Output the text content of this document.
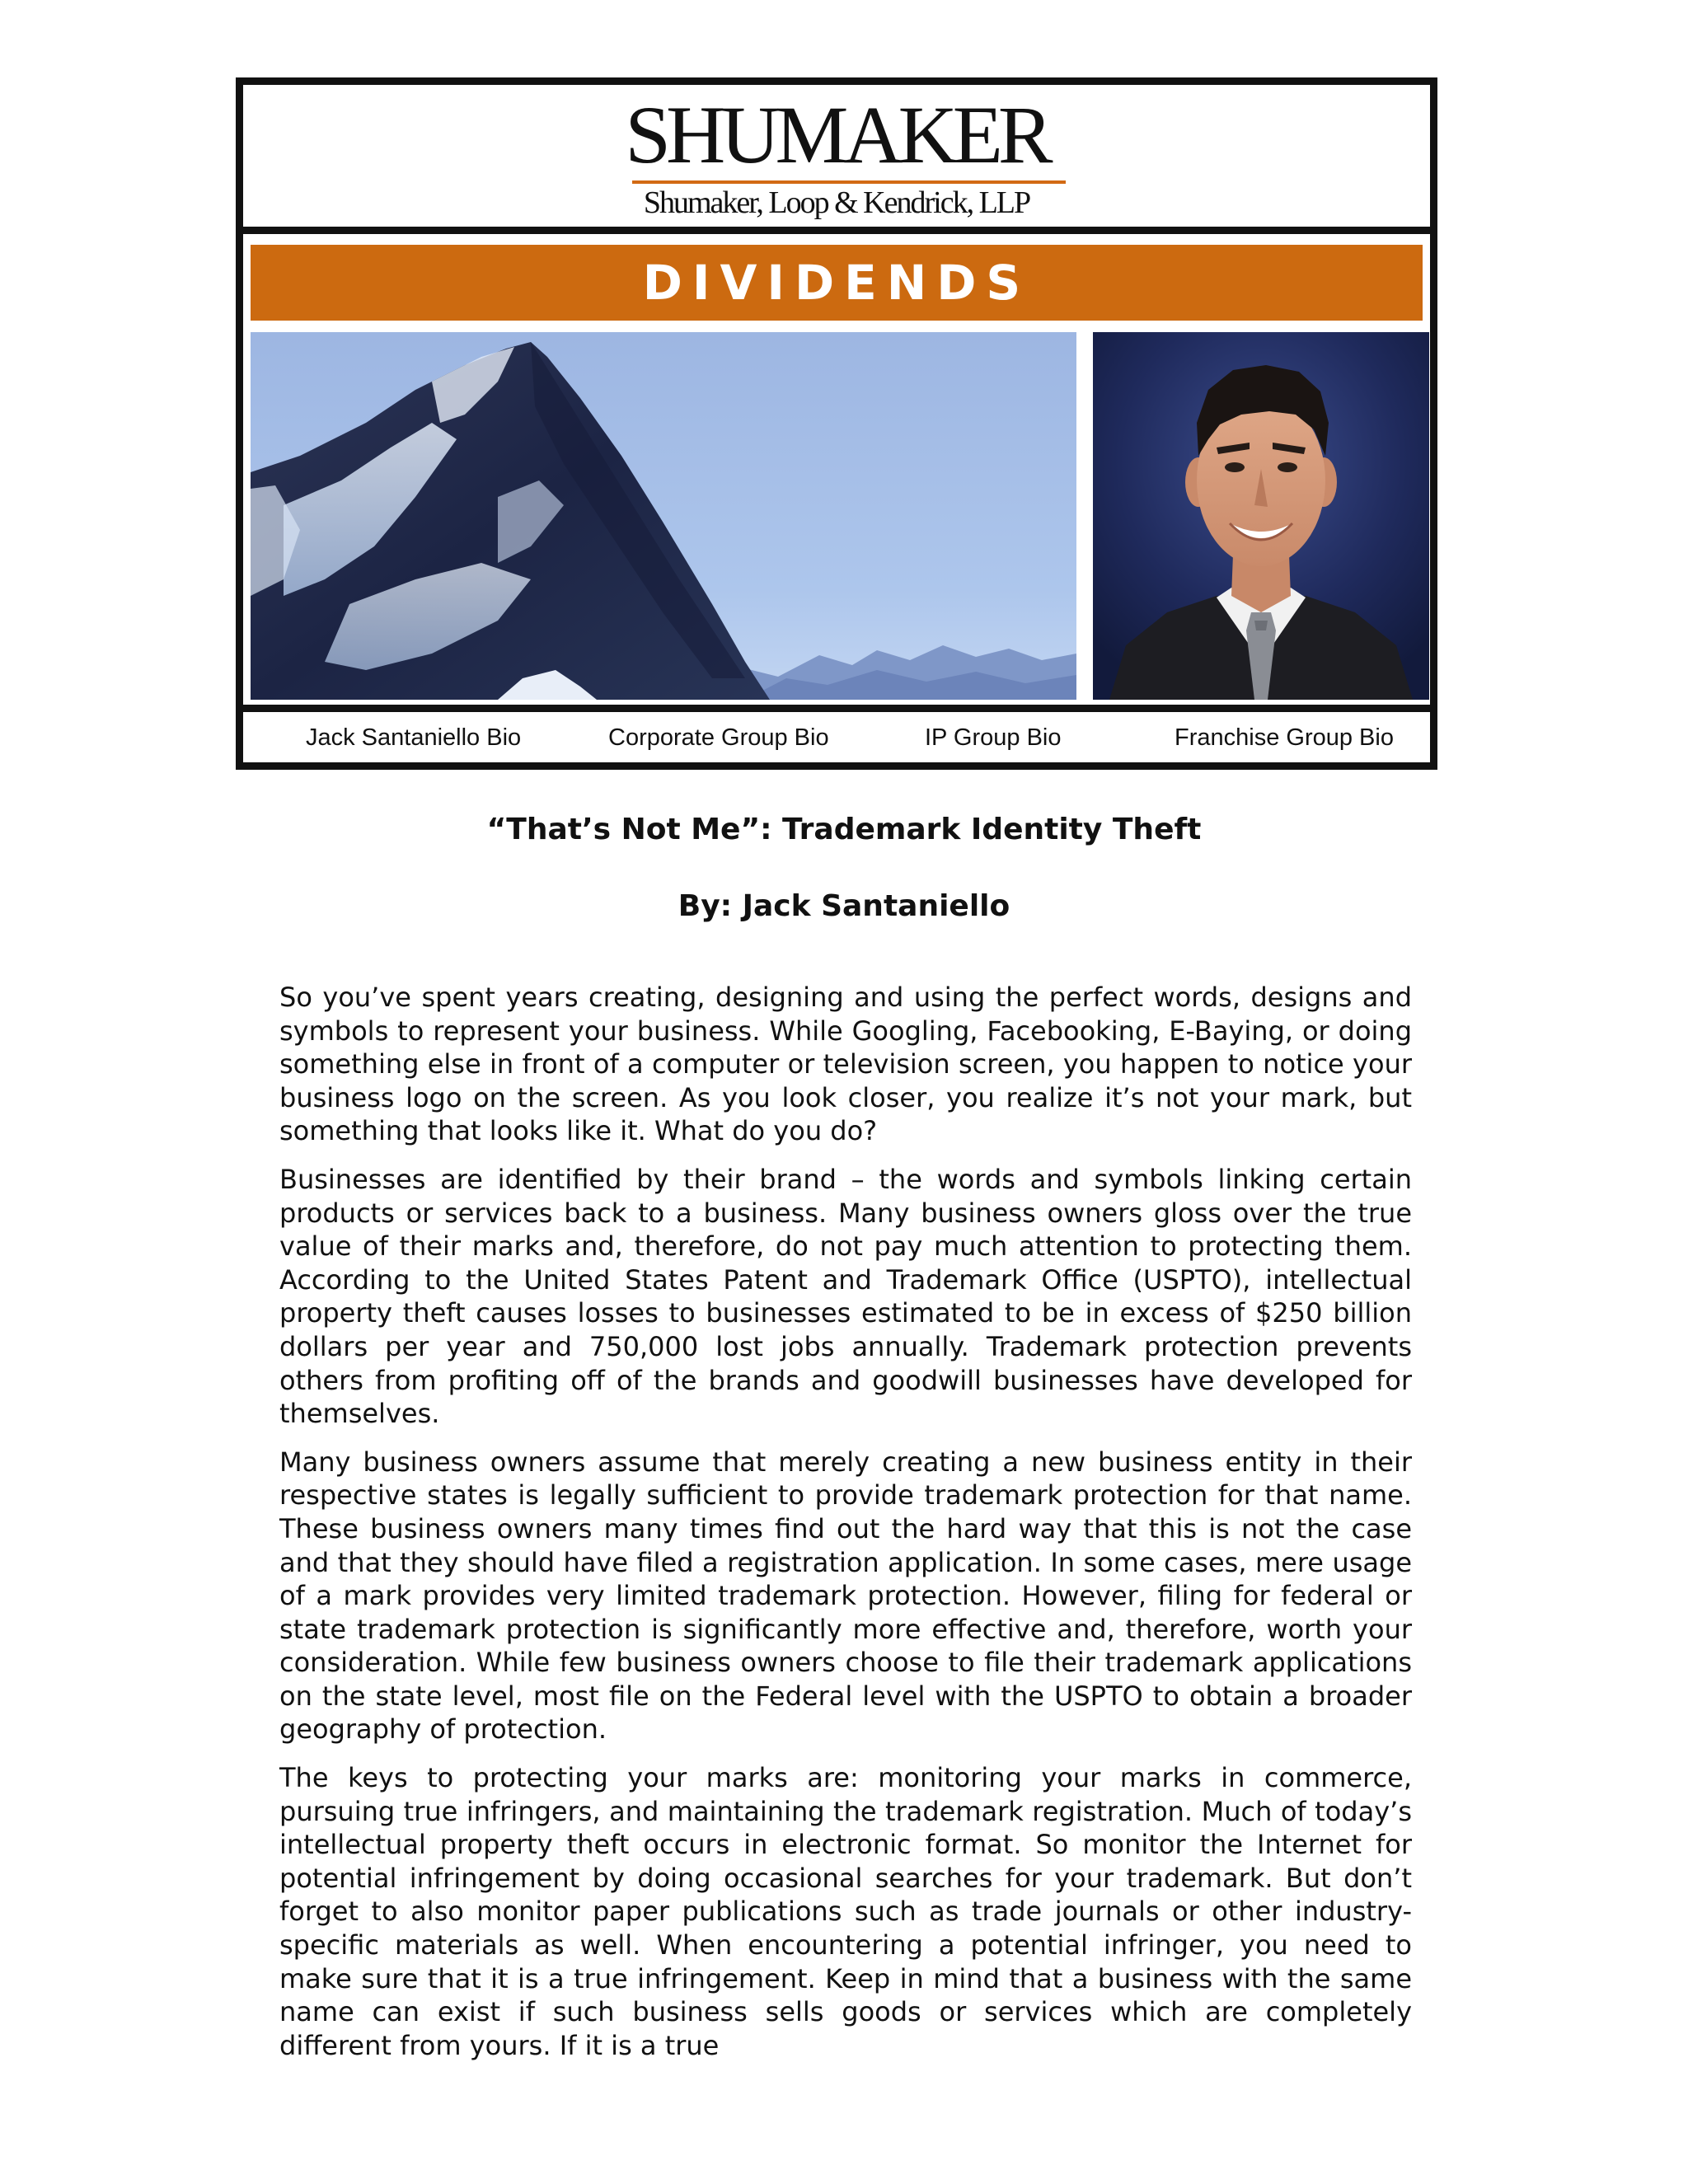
SHUMAKER
Shumaker, Loop & Kendrick, LLP
DIVIDENDS
Jack Santaniello Bio	Corporate Group Bio	IP Group Bio	Franchise Group Bio
“That’s Not Me”: Trademark Identity Theft
By: Jack Santaniello

So you’ve spent years creating, designing and using the perfect words, designs and symbols to represent your business. While Googling, Facebooking, E-Baying, or doing something else in front of a computer or television screen, you happen to notice your business logo on the screen. As you look closer, you realize it’s not your mark, but something that looks like it. What do you do?

Businesses are identified by their brand – the words and symbols linking certain products or services back to a business. Many business owners gloss over the true value of their marks and, therefore, do not pay much attention to protecting them. According to the United States Patent and Trademark Office (USPTO), intellectual property theft causes losses to businesses estimated to be in excess of $250 billion dollars per year and 750,000 lost jobs annually. Trademark protection prevents others from profiting off of the brands and goodwill businesses have developed for themselves.

Many business owners assume that merely creating a new business entity in their respective states is legally sufficient to provide trademark protection for that name. These business owners many times find out the hard way that this is not the case and that they should have filed a registration application. In some cases, mere usage of a mark provides very limited trademark protection. However, filing for federal or state trademark protection is significantly more effective and, therefore, worth your consideration. While few business owners choose to file their trademark applications on the state level, most file on the Federal level with the USPTO to obtain a broader geography of protection.

The keys to protecting your marks are: monitoring your marks in commerce, pursuing true infringers, and maintaining the trademark registration. Much of today’s intellectual property theft occurs in electronic format. So monitor the Internet for potential infringement by doing occasional searches for your trademark. But don’t forget to also monitor paper publications such as trade journals or other industry-specific materials as well. When encountering a potential infringer, you need to make sure that it is a true infringement. Keep in mind that a business with the same name can exist if such business sells goods or services which are completely different from yours. If it is a true
